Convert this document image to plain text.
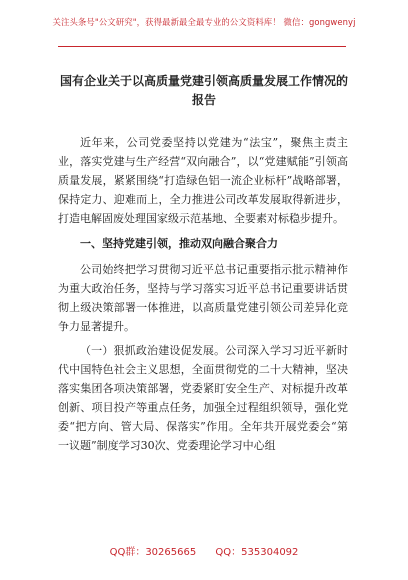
关注头条号"公文研究"，获得最新最全最专业的公文资料库！ 微信：gongwenyj
国有企业关于以高质量党建引领高质量发展工作情况的报告

近年来，公司党委坚持以党建为“法宝”，聚焦主责主业，落实党建与生产经营“双向融合”，以“党建赋能”引领高质量发展，紧紧围绕“打造绿色铝一流企业标杆”战略部署，保持定力、迎难而上，全力推进公司改革发展取得新进步，打造电解固废处理国家级示范基地、全要素对标稳步提升。

一、坚持党建引领，推动双向融合聚合力

公司始终把学习贯彻习近平总书记重要指示批示精神作为重大政治任务，坚持与学习落实习近平总书记重要讲话贯彻上级决策部署一体推进，以高质量党建引领公司差异化竞争力显著提升。

（一）狠抓政治建设促发展。公司深入学习习近平新时代中国特色社会主义思想，全面贯彻党的二十大精神，坚决落实集团各项决策部署，党委紧盯安全生产、对标提升改革创新、项目投产等重点任务，加强全过程组织领导，强化党委“把方向、管大局、保落实”作用。全年共开展党委会“第一议题”制度学习30次、党委理论学习中心组

QQ群：30265665 QQ：535304092
